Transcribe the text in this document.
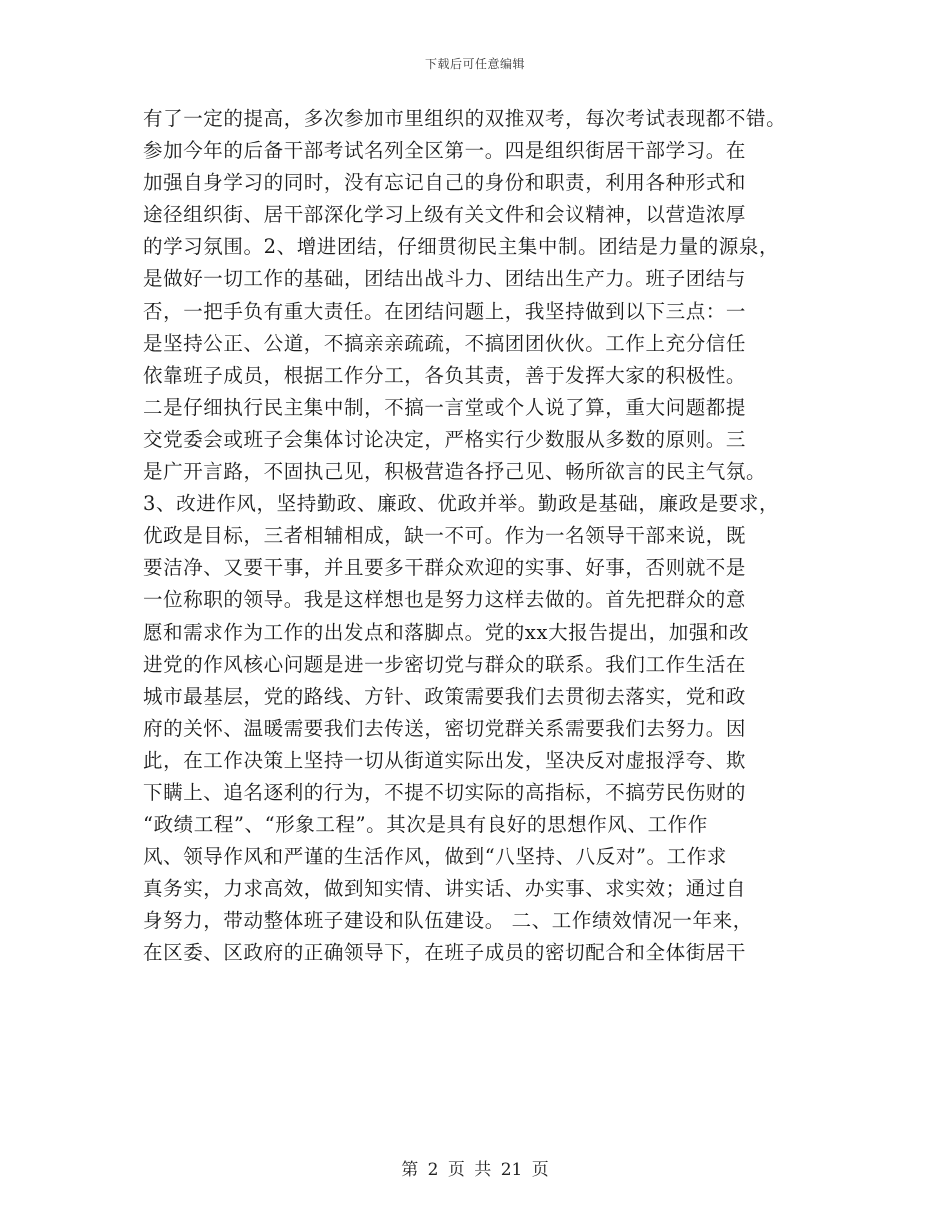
下载后可任意编辑
有了一定的提高，多次参加市里组织的双推双考，每次考试表现都不错。
参加今年的后备干部考试名列全区第一。四是组织街居干部学习。在
加强自身学习的同时，没有忘记自己的身份和职责，利用各种形式和
途径组织街、居干部深化学习上级有关文件和会议精神，以营造浓厚
的学习氛围。2、增进团结，仔细贯彻民主集中制。团结是力量的源泉，
是做好一切工作的基础，团结出战斗力、团结出生产力。班子团结与
否，一把手负有重大责任。在团结问题上，我坚持做到以下三点：一
是坚持公正、公道，不搞亲亲疏疏，不搞团团伙伙。工作上充分信任
依靠班子成员，根据工作分工，各负其责，善于发挥大家的积极性。
二是仔细执行民主集中制，不搞一言堂或个人说了算，重大问题都提
交党委会或班子会集体讨论决定，严格实行少数服从多数的原则。三
是广开言路，不固执己见，积极营造各抒己见、畅所欲言的民主气氛。
3、改进作风，坚持勤政、廉政、优政并举。勤政是基础，廉政是要求，
优政是目标，三者相辅相成，缺一不可。作为一名领导干部来说，既
要洁净、又要干事，并且要多干群众欢迎的实事、好事，否则就不是
一位称职的领导。我是这样想也是努力这样去做的。首先把群众的意
愿和需求作为工作的出发点和落脚点。党的xx大报告提出，加强和改
进党的作风核心问题是进一步密切党与群众的联系。我们工作生活在
城市最基层，党的路线、方针、政策需要我们去贯彻去落实，党和政
府的关怀、温暖需要我们去传送，密切党群关系需要我们去努力。因
此，在工作决策上坚持一切从街道实际出发，坚决反对虚报浮夸、欺
下瞒上、追名逐利的行为，不提不切实际的高指标，不搞劳民伤财的
“政绩工程”、“形象工程”。其次是具有良好的思想作风、工作作
风、领导作风和严谨的生活作风，做到“八坚持、八反对”。工作求
真务实，力求高效，做到知实情、讲实话、办实事、求实效；通过自
身努力，带动整体班子建设和队伍建设。 二、工作绩效情况一年来，
在区委、区政府的正确领导下，在班子成员的密切配合和全体街居干
第 2 页 共 21 页
